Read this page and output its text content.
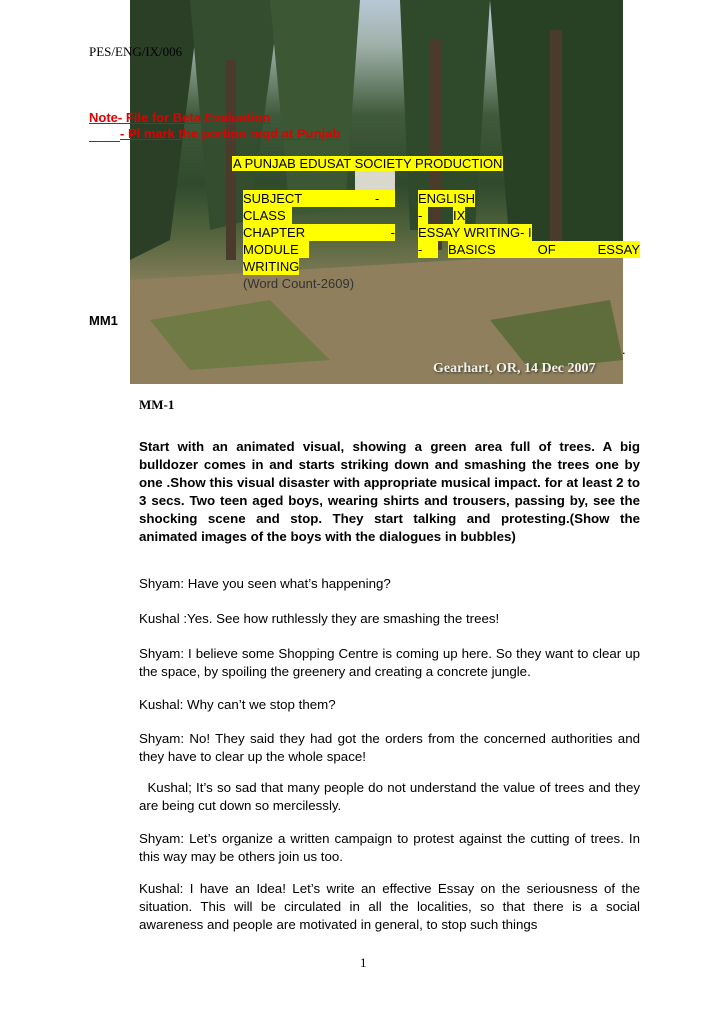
Gearhart, OR, 14 Dec 2007
.
PES/ENG/IX/006
Note- File for Beta Evaluation
- Pl mark the portion reqd at Punjab
A PUNJAB EDUSAT SOCIETY PRODUCTION
SUBJECT	-	ENGLISH
CLASS	-	IX
CHAPTER	- ESSAY WRITING- I
MODULE	-	BASICS OF ESSAY
WRITING
(Word Count-2609)
MM1
MM-1
Start with an animated visual, showing a green area full of trees. A big bulldozer comes in and starts striking down and smashing the trees one by one .Show this visual disaster with appropriate musical impact. for at least 2 to 3 secs. Two teen aged boys, wearing shirts and trousers, passing by, see the shocking scene and stop. They start talking and protesting.(Show the animated images of the boys with the dialogues in bubbles)
Shyam: Have you seen what’s happening?
Kushal :Yes. See how ruthlessly they are smashing the trees!
Shyam: I believe some Shopping Centre is coming up here. So they want to clear up the space, by spoiling the greenery and creating a concrete jungle.
Kushal: Why can’t we stop them?
Shyam: No! They said they had got the orders from the concerned authorities and they have to clear up the whole space!
Kushal; It’s so sad that many people do not understand the value of trees and they are being cut down so mercilessly.
Shyam: Let’s organize a written campaign to protest against the cutting of trees. In this way may be others join us too.
Kushal: I have an Idea! Let’s write an effective Essay on the seriousness of the situation. This will be circulated in all the localities, so that there is a social awareness and people are motivated in general, to stop such things
1
